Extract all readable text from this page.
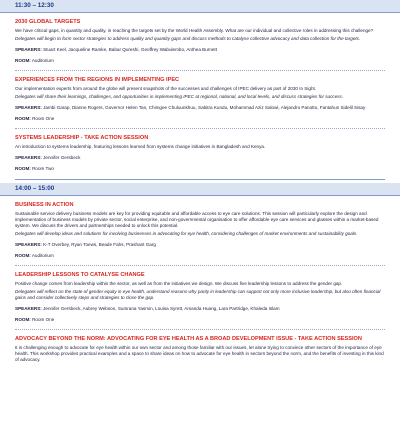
11:30 – 12:30
2030 GLOBAL TARGETS
We have critical gaps, in quantity and quality, in reaching the targets set by the World Health Assembly. What are our individual and collective roles in addressing this challenge?
Delegates will begin to form sector strategies to address quality and quantity gaps and discuss methods to catalyse collective advocacy and data collection for the targets.
SPEAKERS: Stuart Keel, Jacqueline Ramke, Babar Qureshi, Geoffrey Wabulembo, Anthea Burnett
ROOM: Auditorium
EXPERIENCES FROM THE REGIONS IN IMPLEMENTING IPEC
Our implementation experts from around the globe will present snapshots of the successes and challenges of IPEC delivery as part of 2030 In Sight.
Delegates will share their learnings, challenges, and opportunities in implementing IPEC at regional, national, and local levels, and discuss strategies for success.
SPEAKERS: Jambi Garap, Dianne Rogers, Governor Helen Tan, Chimgee Chuluunkhuu, Sabitra Kundu, Mohammad Aziz Salowi, Alejandro Panotto, Fantahun Sidelil Sisay
ROOM: Room One
SYSTEMS LEADERSHIP - TAKE ACTION SESSION
An introduction to systems leadership, featuring lessons learned from systems change initiatives in Bangladesh and Kenya.
SPEAKERS: Jennifer Gersbeck
ROOM: Room Two
14:00 – 15:00
BUSINESS IN ACTION
Sustainable service delivery business models are key for providing equitable and affordable access to eye care solutions. This session will particularly explore the design and implementation of business models by private sector, social enterprise, and non-governmental organisation to offer affordable eye care services and glasses within a market-based system. We discuss the drivers and partnerships needed to unlock this potential.
Delegates will develop ideas and solutions for involving businesses in advocating for eye health, considering challenges of market environments and sustainability goals.
SPEAKERS: K-T Overbey, Ryan Toews, Beade Fahs, Prashant Garg
ROOM: Auditorium
LEADERSHIP LESSONS TO CATALYSE CHANGE
Positive change comes from leadership within the sector, as well as from the initiatives we design. We discuss five leadership lessons to address the gender gap.
Delegates will reflect on the state of gender equity in eye health, understand reasons why parity in leadership can support not only more inclusive leadership, but also often financial gains and consider collectively steps and strategies to close the gap.
SPEAKERS: Jennifer Gersbeck, Aubrey Webson, Sumrana Yasmin, Louisa Syrett, Amanda Huang, Lara Partridge, Khaleda Islam
ROOM: Room One
ADVOCACY BEYOND THE NORM: ADVOCATING FOR EYE HEALTH AS A BROAD DEVELOPMENT ISSUE - TAKE ACTION SESSION
It is challenging enough to advocate for eye health within our own sector and among those familiar with our issues, let alone trying to convince other sectors of the importance of eye health. This workshop provides practical examples and a space to share ideas on how to advocate for eye health in sectors beyond the norm, and the benefits of investing in this kind of advocacy.
